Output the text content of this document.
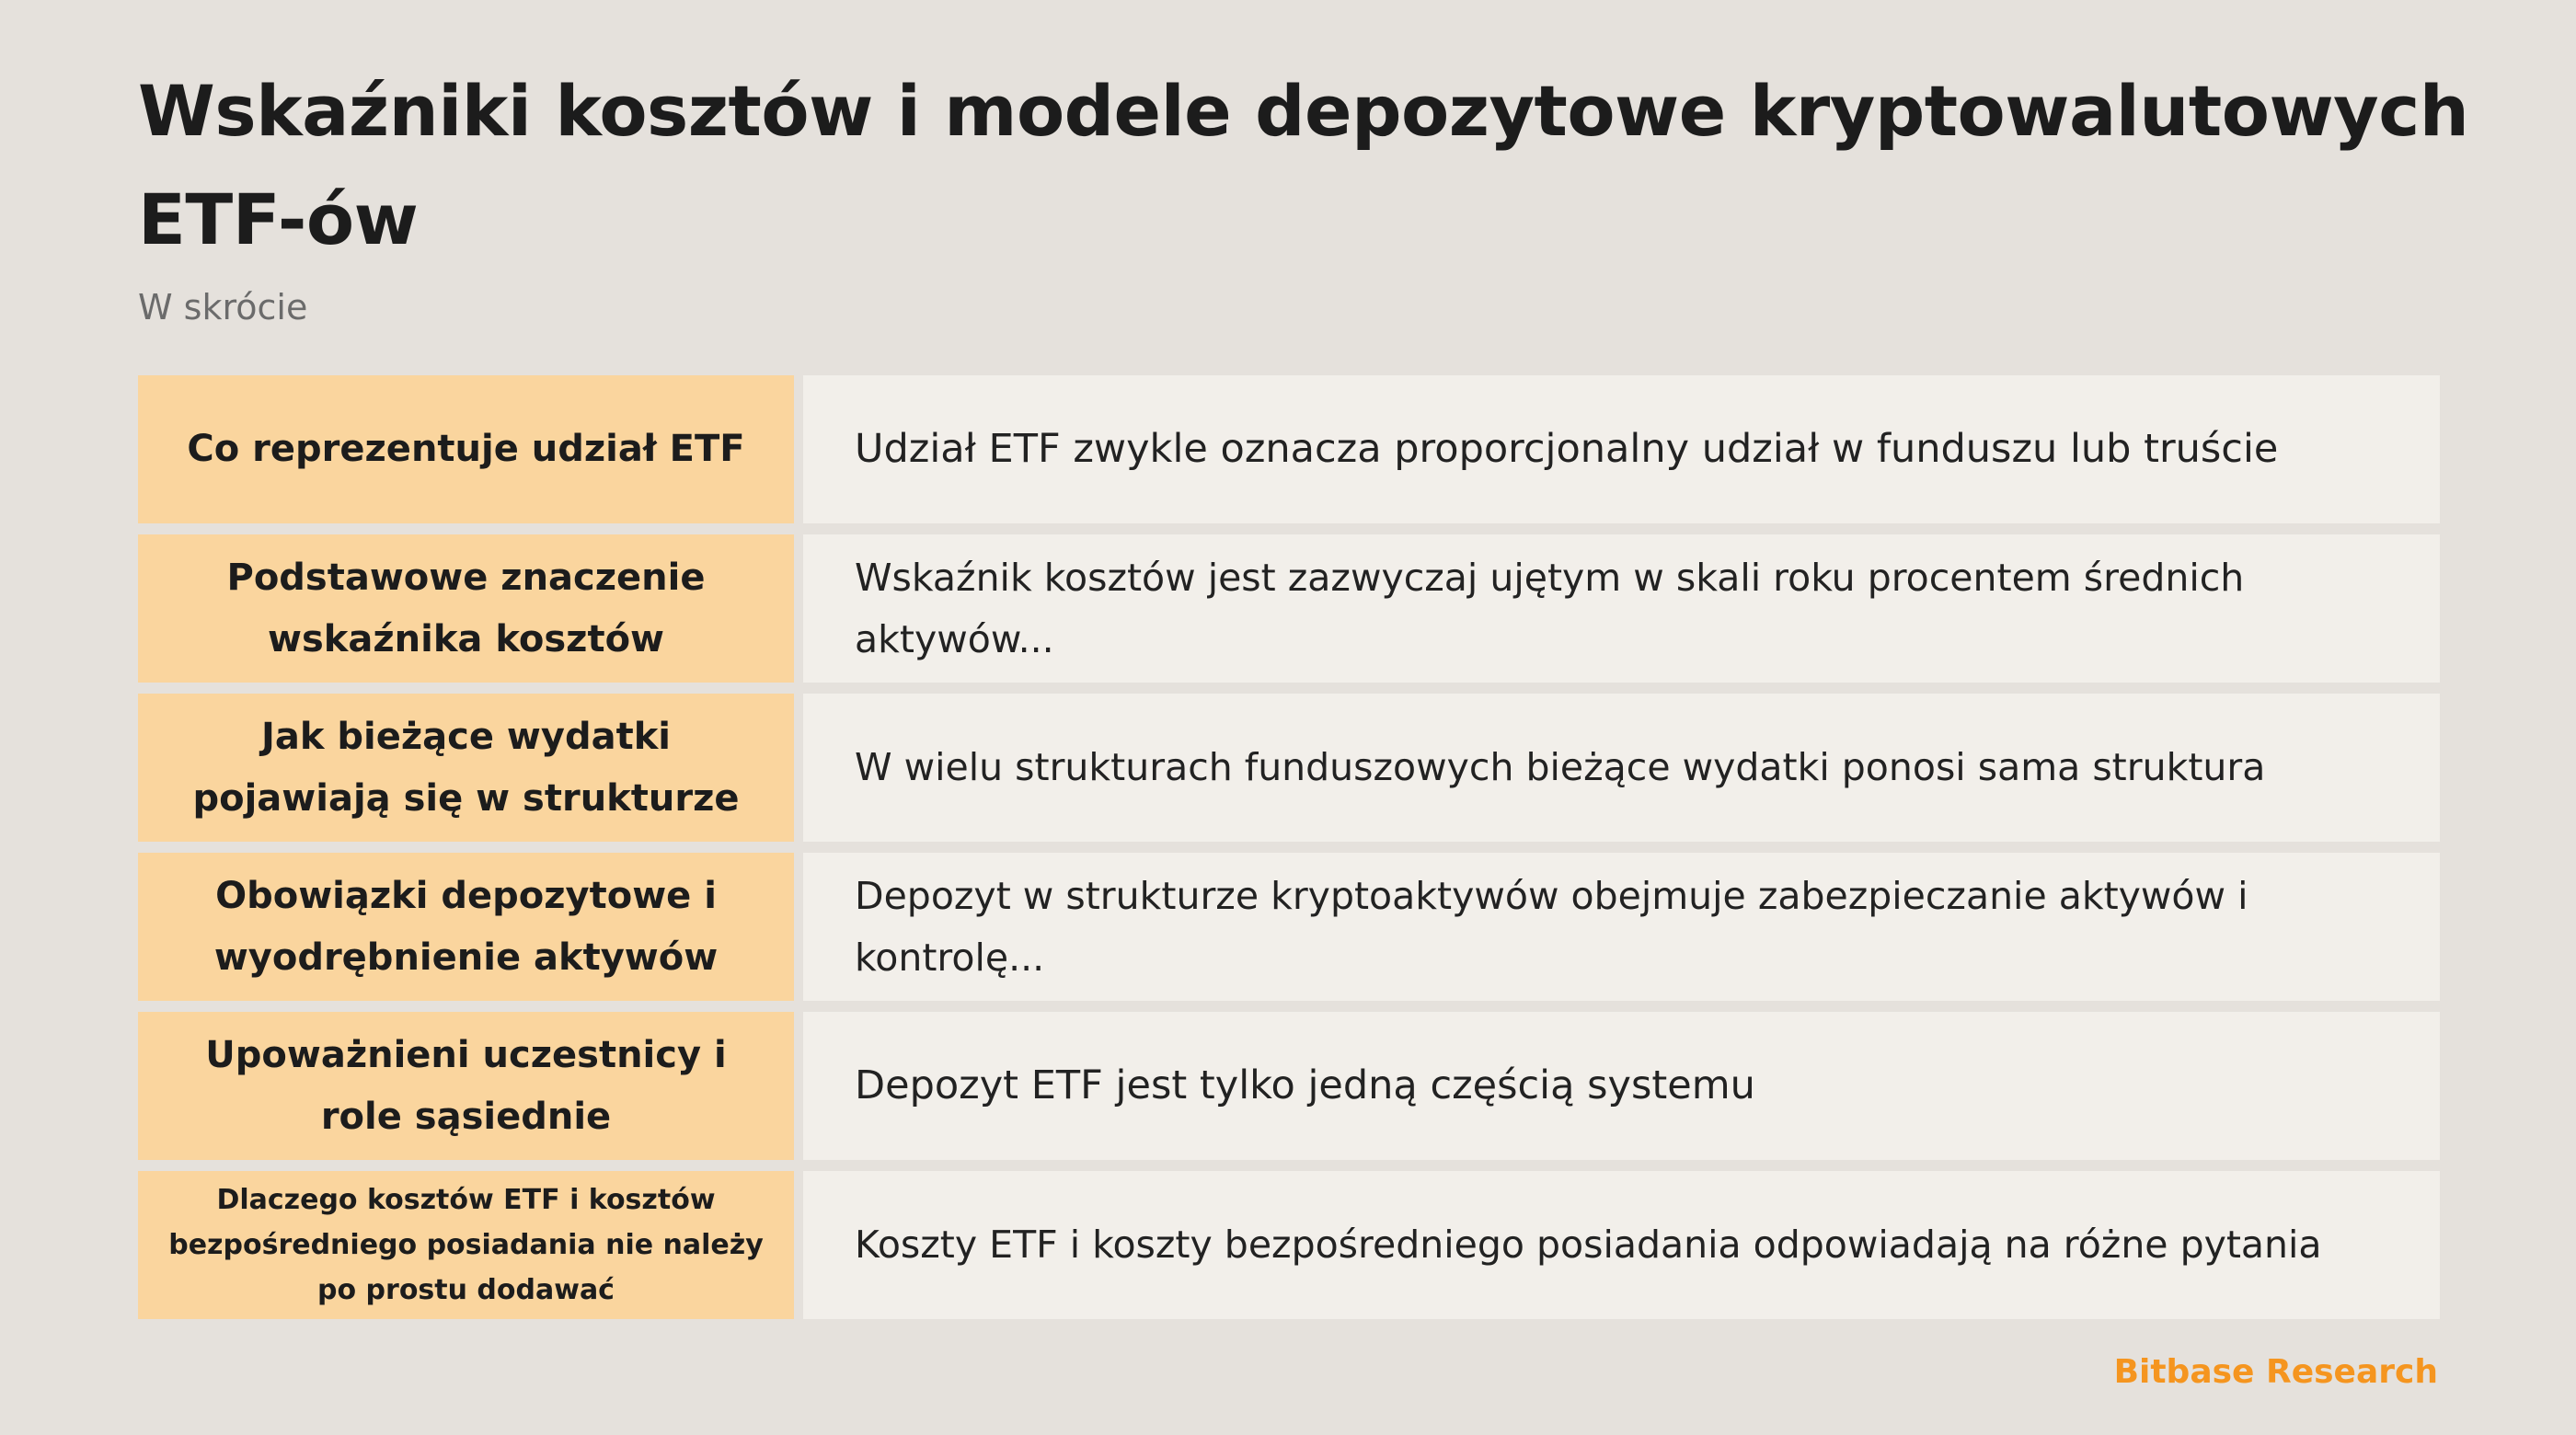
Wskaźniki kosztów i modele depozytowe kryptowalutowych ETF-ów
W skrócie
Co reprezentuje udział ETF	Udział ETF zwykle oznacza proporcjonalny udział w funduszu lub truście
Podstawowe znaczenie wskaźnika kosztów
Wskaźnik kosztów jest zazwyczaj ujętym w skali roku procentem średnich aktywów...
Jak bieżące wydatki pojawiają się w strukturze
W wielu strukturach funduszowych bieżące wydatki ponosi sama struktura
Obowiązki depozytowe i wyodrębnienie aktywów
Depozyt w strukturze kryptoaktywów obejmuje zabezpieczanie aktywów i kontrolę...
Upoważnieni uczestnicy i role sąsiednie
Depozyt ETF jest tylko jedną częścią systemu
Dlaczego kosztów ETF i kosztów bezpośredniego posiadania nie należy po prostu dodawać
Koszty ETF i koszty bezpośredniego posiadania odpowiadają na różne pytania
Bitbase Research
